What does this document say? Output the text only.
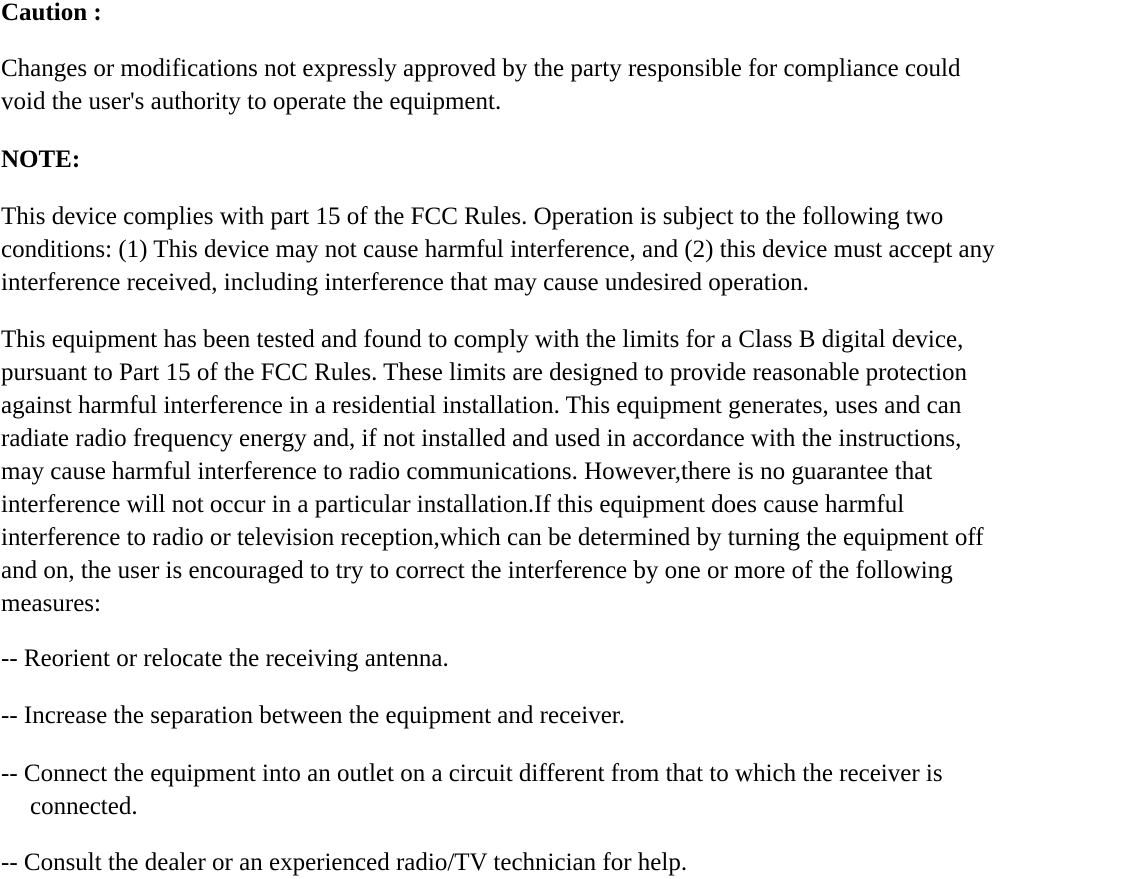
Caution :
Changes or modifications not expressly approved by the party responsible for compliance could
void the user's authority to operate the equipment.
NOTE:
This device complies with part 15 of the FCC Rules. Operation is subject to the following two
conditions: (1) This device may not cause harmful interference, and (2) this device must accept any
interference received, including interference that may cause undesired operation.
This equipment has been tested and found to comply with the limits for a Class B digital device,
pursuant to Part 15 of the FCC Rules. These limits are designed to provide reasonable protection
against harmful interference in a residential installation. This equipment generates, uses and can
radiate radio frequency energy and, if not installed and used in accordance with the instructions,
may cause harmful interference to radio communications. However,there is no guarantee that
interference will not occur in a particular installation.If this equipment does cause harmful
interference to radio or television reception,which can be determined by turning the equipment off
and on, the user is encouraged to try to correct the interference by one or more of the following
measures:
-- Reorient or relocate the receiving antenna.
-- Increase the separation between the equipment and receiver.
-- Connect the equipment into an outlet on a circuit different from that to which the receiver is
connected.
-- Consult the dealer or an experienced radio/TV technician for help.
